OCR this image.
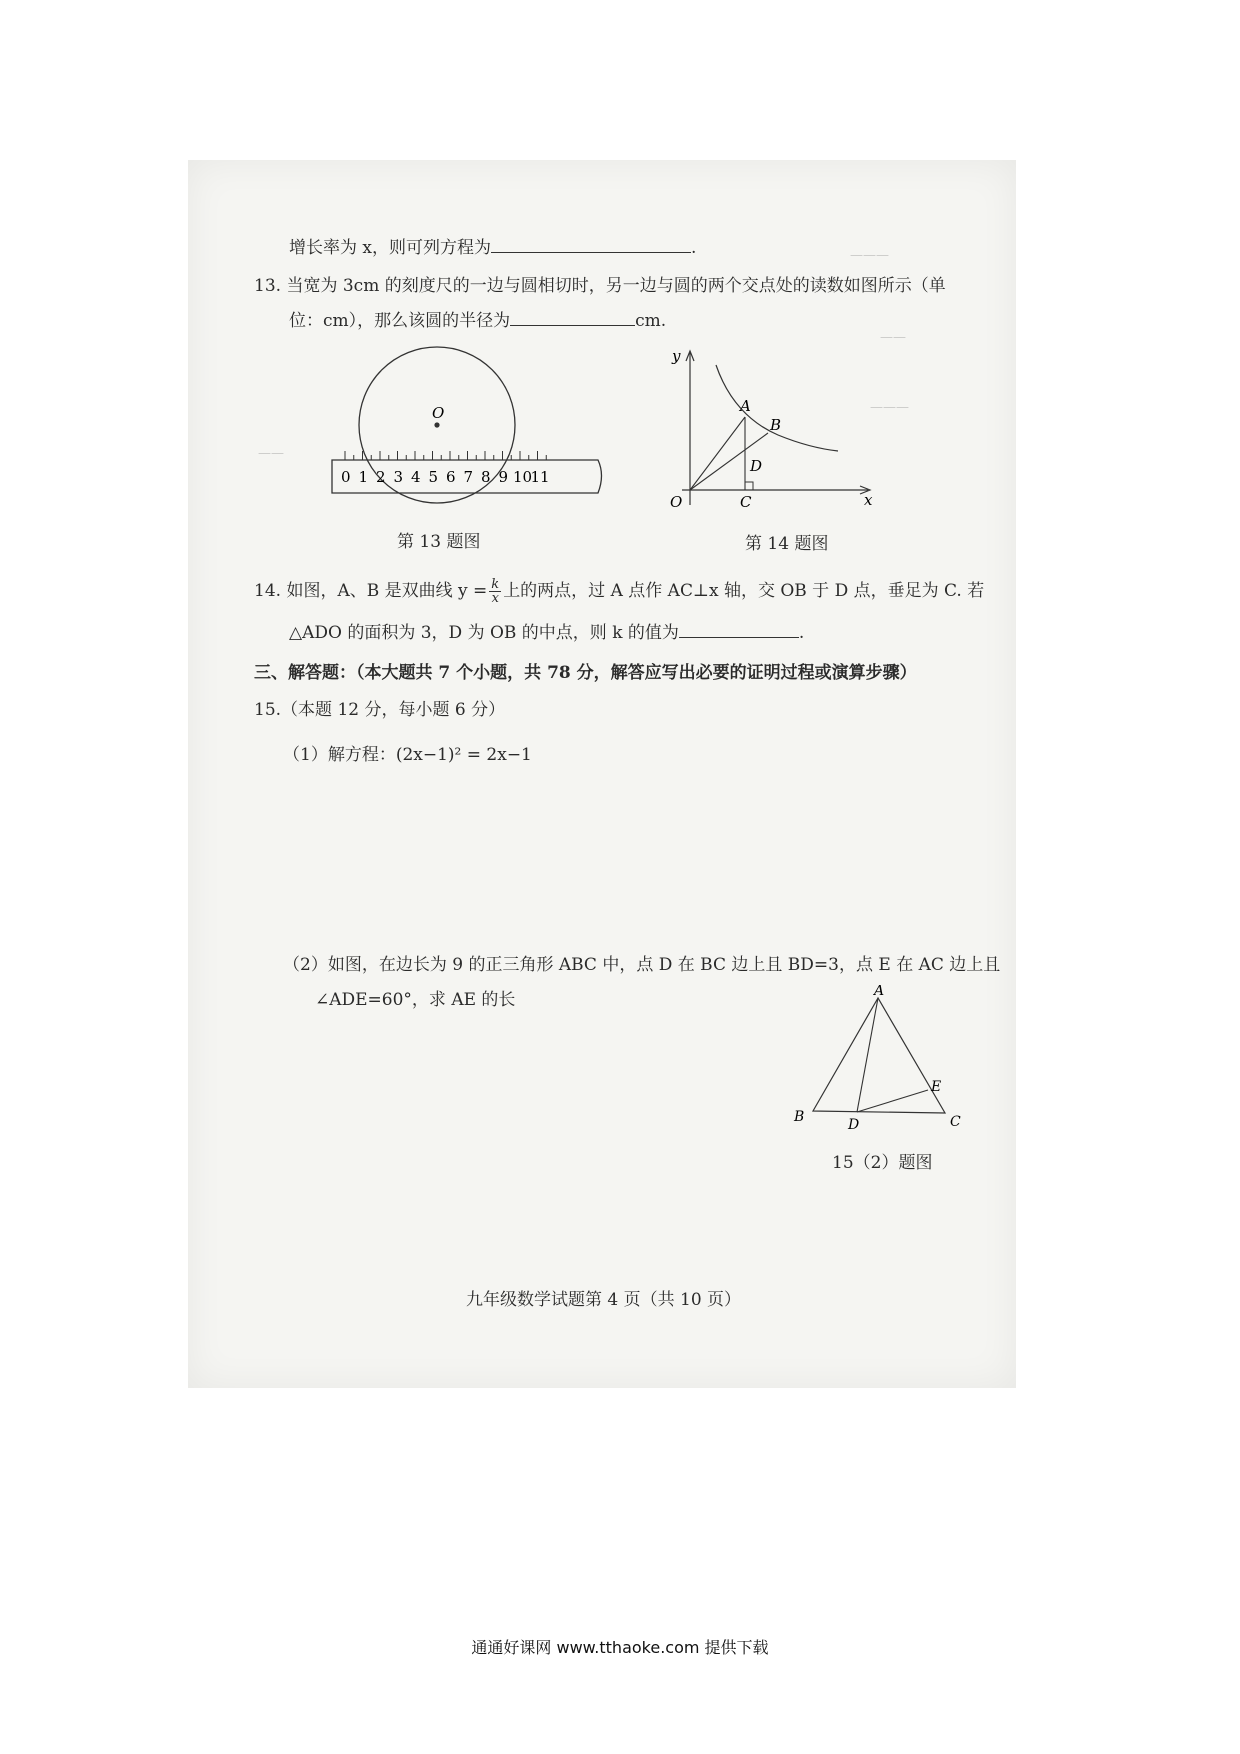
———
——
———
——
增长率为 x，则可列方程为	.
13. 当宽为 3cm 的刻度尺的一边与圆相切时，另一边与圆的两个交点处的读数如图所示（单
位：cm），那么该圆的半径为	cm.
O
0 1 2 3 4 5 6 7 8 9 10
11
第 13 题图
y
x
O
A
B
C
D
第 14 题图
14. 如图，A、B 是双曲线 $y = \frac{k}{x}$ 上的两点，过 A 点作 AC⊥x 轴，交 OB 于 D 点，垂足为 C. 若
△ADO 的面积为 3，D 为 OB 的中点，则 k 的值为	.
三、解答题：（本大题共 7 个小题，共 78 分，解答应写出必要的证明过程或演算步骤）
15.（本题 12 分，每小题 6 分）
（1）解方程：(2x−1)² = 2x−1
（2）如图，在边长为 9 的正三角形 ABC 中，点 D 在 BC 边上且 BD=3，点 E 在 AC 边上且
∠ADE=60°，求 AE 的长	A
B	C
D
E
15（2）题图
九年级数学试题第 4 页（共 10 页）
通通好课网 www.tthaoke.com 提供下载
